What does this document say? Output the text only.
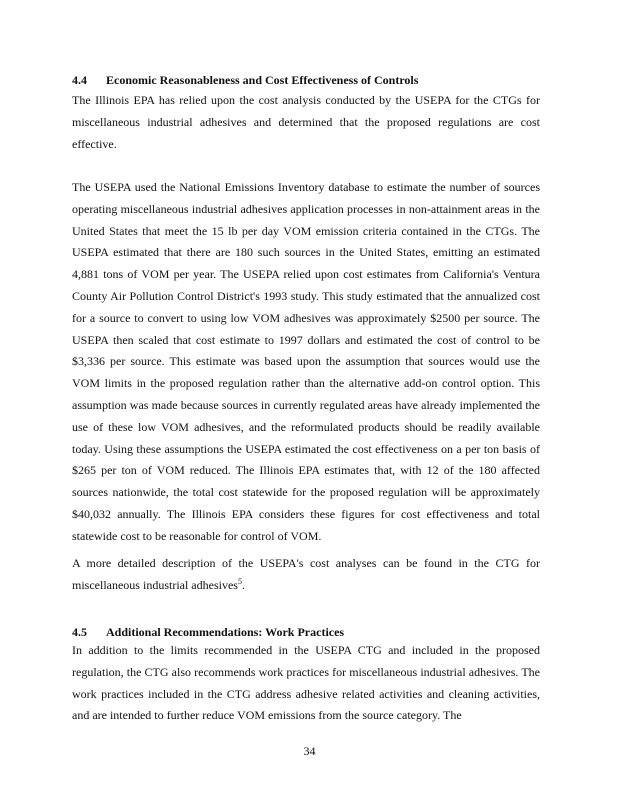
4.4 Economic Reasonableness and Cost Effectiveness of Controls

The Illinois EPA has relied upon the cost analysis conducted by the USEPA for the CTGs for miscellaneous industrial adhesives and determined that the proposed regulations are cost effective.

The USEPA used the National Emissions Inventory database to estimate the number of sources operating miscellaneous industrial adhesives application processes in non-attainment areas in the United States that meet the 15 lb per day VOM emission criteria contained in the CTGs. The USEPA estimated that there are 180 such sources in the United States, emitting an estimated 4,881 tons of VOM per year. The USEPA relied upon cost estimates from California's Ventura County Air Pollution Control District's 1993 study. This study estimated that the annualized cost for a source to convert to using low VOM adhesives was approximately $2500 per source. The USEPA then scaled that cost estimate to 1997 dollars and estimated the cost of control to be $3,336 per source. This estimate was based upon the assumption that sources would use the VOM limits in the proposed regulation rather than the alternative add-on control option. This assumption was made because sources in currently regulated areas have already implemented the use of these low VOM adhesives, and the reformulated products should be readily available today. Using these assumptions the USEPA estimated the cost effectiveness on a per ton basis of $265 per ton of VOM reduced. The Illinois EPA estimates that, with 12 of the 180 affected sources nationwide, the total cost statewide for the proposed regulation will be approximately $40,032 annually. The Illinois EPA considers these figures for cost effectiveness and total statewide cost to be reasonable for control of VOM.

A more detailed description of the USEPA's cost analyses can be found in the CTG for miscellaneous industrial adhesives$^5$.

4.5 Additional Recommendations: Work Practices

In addition to the limits recommended in the USEPA CTG and included in the proposed regulation, the CTG also recommends work practices for miscellaneous industrial adhesives. The work practices included in the CTG address adhesive related activities and cleaning activities, and are intended to further reduce VOM emissions from the source category. The

34
